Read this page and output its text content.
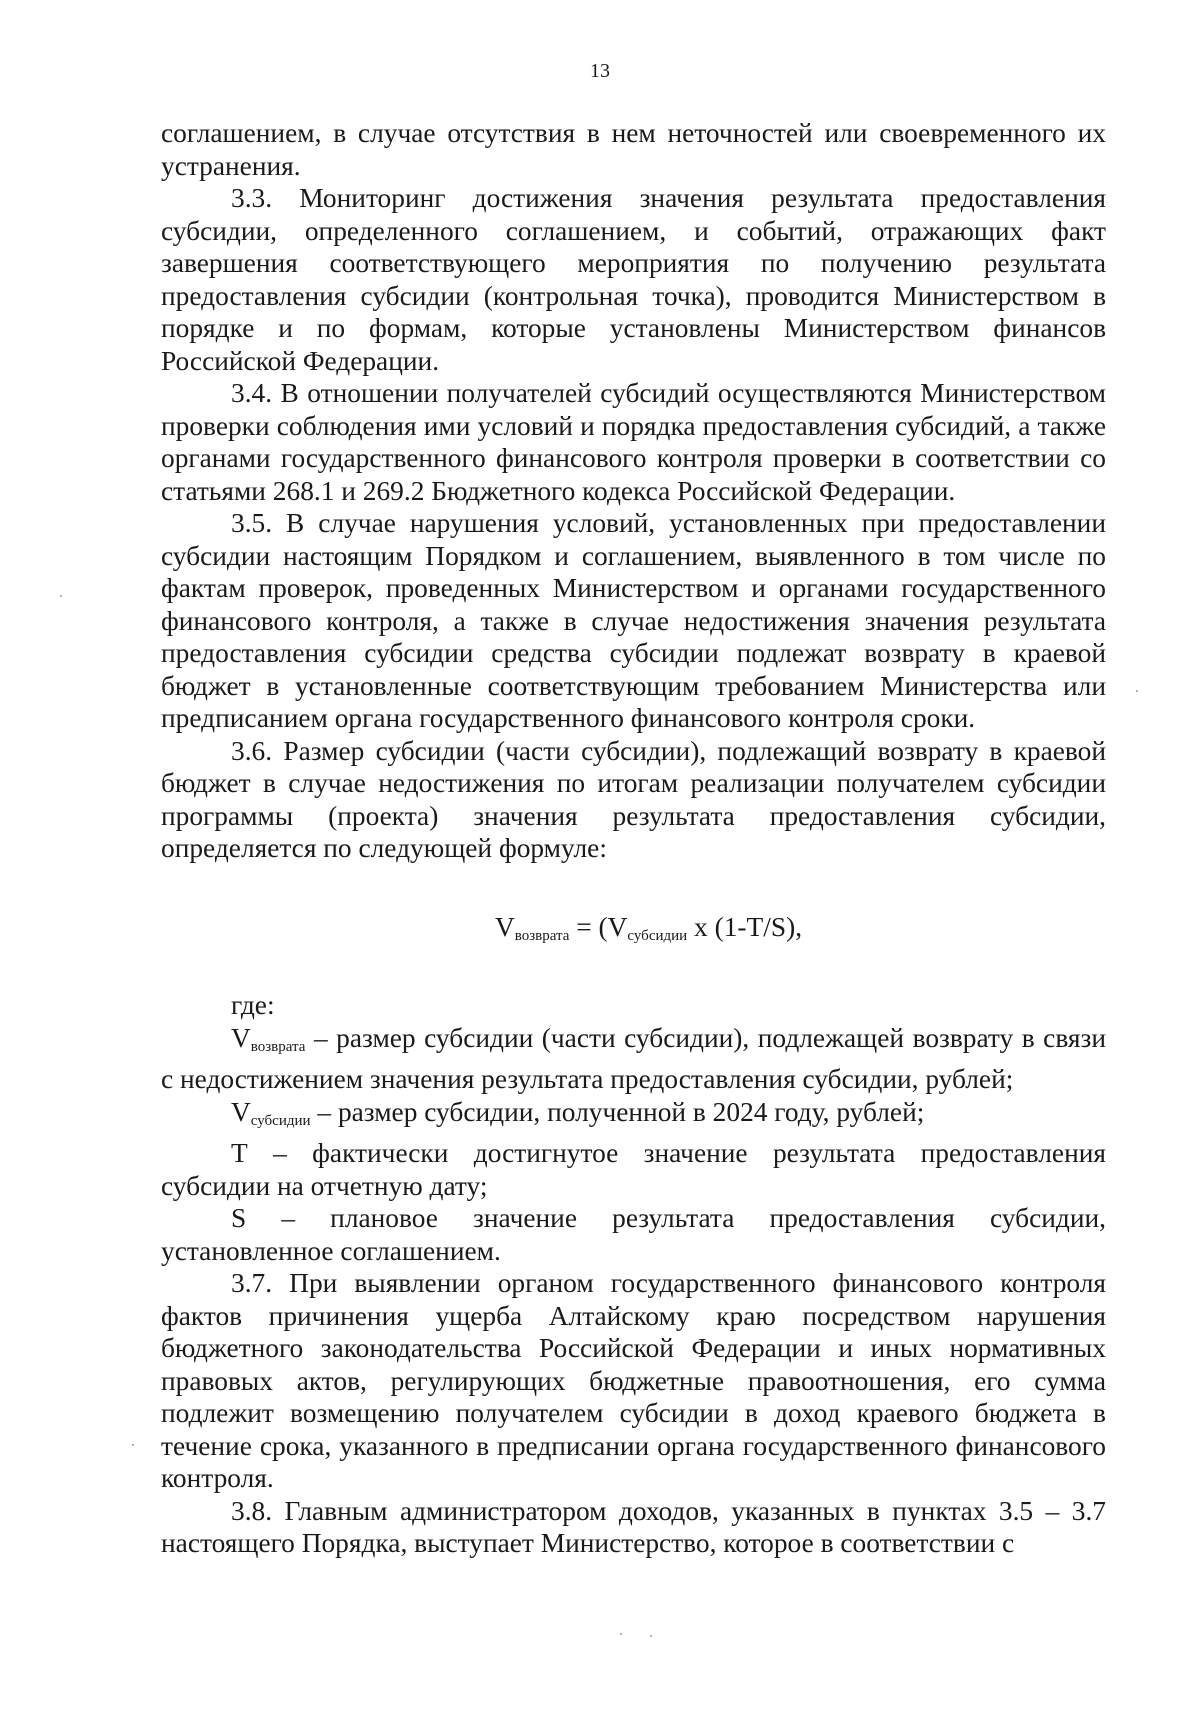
13

соглашением, в случае отсутствия в нем неточностей или своевременного их устранения.

3.3. Мониторинг достижения значения результата предоставления субсидии, определенного соглашением, и событий, отражающих факт завершения соответствующего мероприятия по получению результата предоставления субсидии (контрольная точка), проводится Министерством в порядке и по формам, которые установлены Министерством финансов Российской Федерации.

3.4. В отношении получателей субсидий осуществляются Министерством проверки соблюдения ими условий и порядка предоставления субсидий, а также органами государственного финансового контроля проверки в соответствии со статьями 268.1 и 269.2 Бюджетного кодекса Российской Федерации.

3.5. В случае нарушения условий, установленных при предоставлении субсидии настоящим Порядком и соглашением, выявленного в том числе по фактам проверок, проведенных Министерством и органами государственного финансового контроля, а также в случае недостижения значения результата предоставления субсидии средства субсидии подлежат возврату в краевой бюджет в установленные соответствующим требованием Министерства или предписанием органа государственного финансового контроля сроки.

3.6. Размер субсидии (части субсидии), подлежащий возврату в краевой бюджет в случае недостижения по итогам реализации получателем субсидии программы (проекта) значения результата предоставления субсидии, определяется по следующей формуле:

$V_{возврата} = (V_{субсидии}$ x (1-T/S),

где:

$V_{возврата}$ – размер субсидии (части субсидии), подлежащей возврату в связи с недостижением значения результата предоставления субсидии, рублей;

$V_{субсидии}$ – размер субсидии, полученной в 2024 году, рублей;

Т – фактически достигнутое значение результата предоставления субсидии на отчетную дату;

S – плановое значение результата предоставления субсидии, установленное соглашением.

3.7. При выявлении органом государственного финансового контроля фактов причинения ущерба Алтайскому краю посредством нарушения бюджетного законодательства Российской Федерации и иных нормативных правовых актов, регулирующих бюджетные правоотношения, его сумма подлежит возмещению получателем субсидии в доход краевого бюджета в течение срока, указанного в предписании органа государственного финансового контроля.

3.8. Главным администратором доходов, указанных в пунктах 3.5 – 3.7 настоящего Порядка, выступает Министерство, которое в соответствии с
